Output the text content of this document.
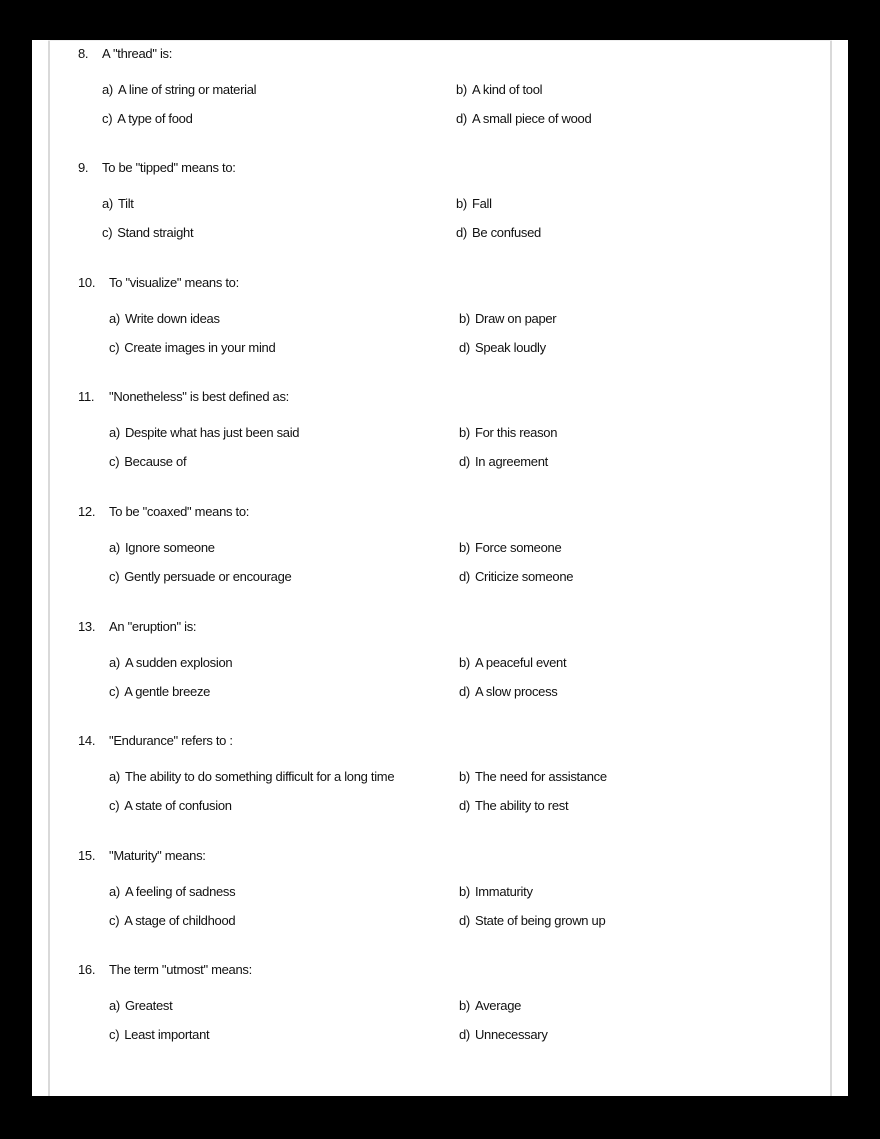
8. A "thread" is:
a) A line of string or material	b) A kind of tool
c) A type of food	d) A small piece of wood
9. To be "tipped" means to:
a) Tilt	b) Fall
c) Stand straight	d) Be confused
10. To "visualize" means to:
a) Write down ideas	b) Draw on paper
c) Create images in your mind	d) Speak loudly
11. "Nonetheless" is best defined as:
a) Despite what has just been said	b) For this reason
c) Because of	d) In agreement
12. To be "coaxed" means to:
a) Ignore someone	b) Force someone
c) Gently persuade or encourage	d) Criticize someone
13. An "eruption" is:
a) A sudden explosion	b) A peaceful event
c) A gentle breeze	d) A slow process
14. "Endurance" refers to :
a) The ability to do something difficult for a long time	b) The need for assistance
c) A state of confusion	d) The ability to rest
15. "Maturity" means:
a) A feeling of sadness	b) Immaturity
c) A stage of childhood	d) State of being grown up
16. The term "utmost" means:
a) Greatest	b) Average
c) Least important	d) Unnecessary
